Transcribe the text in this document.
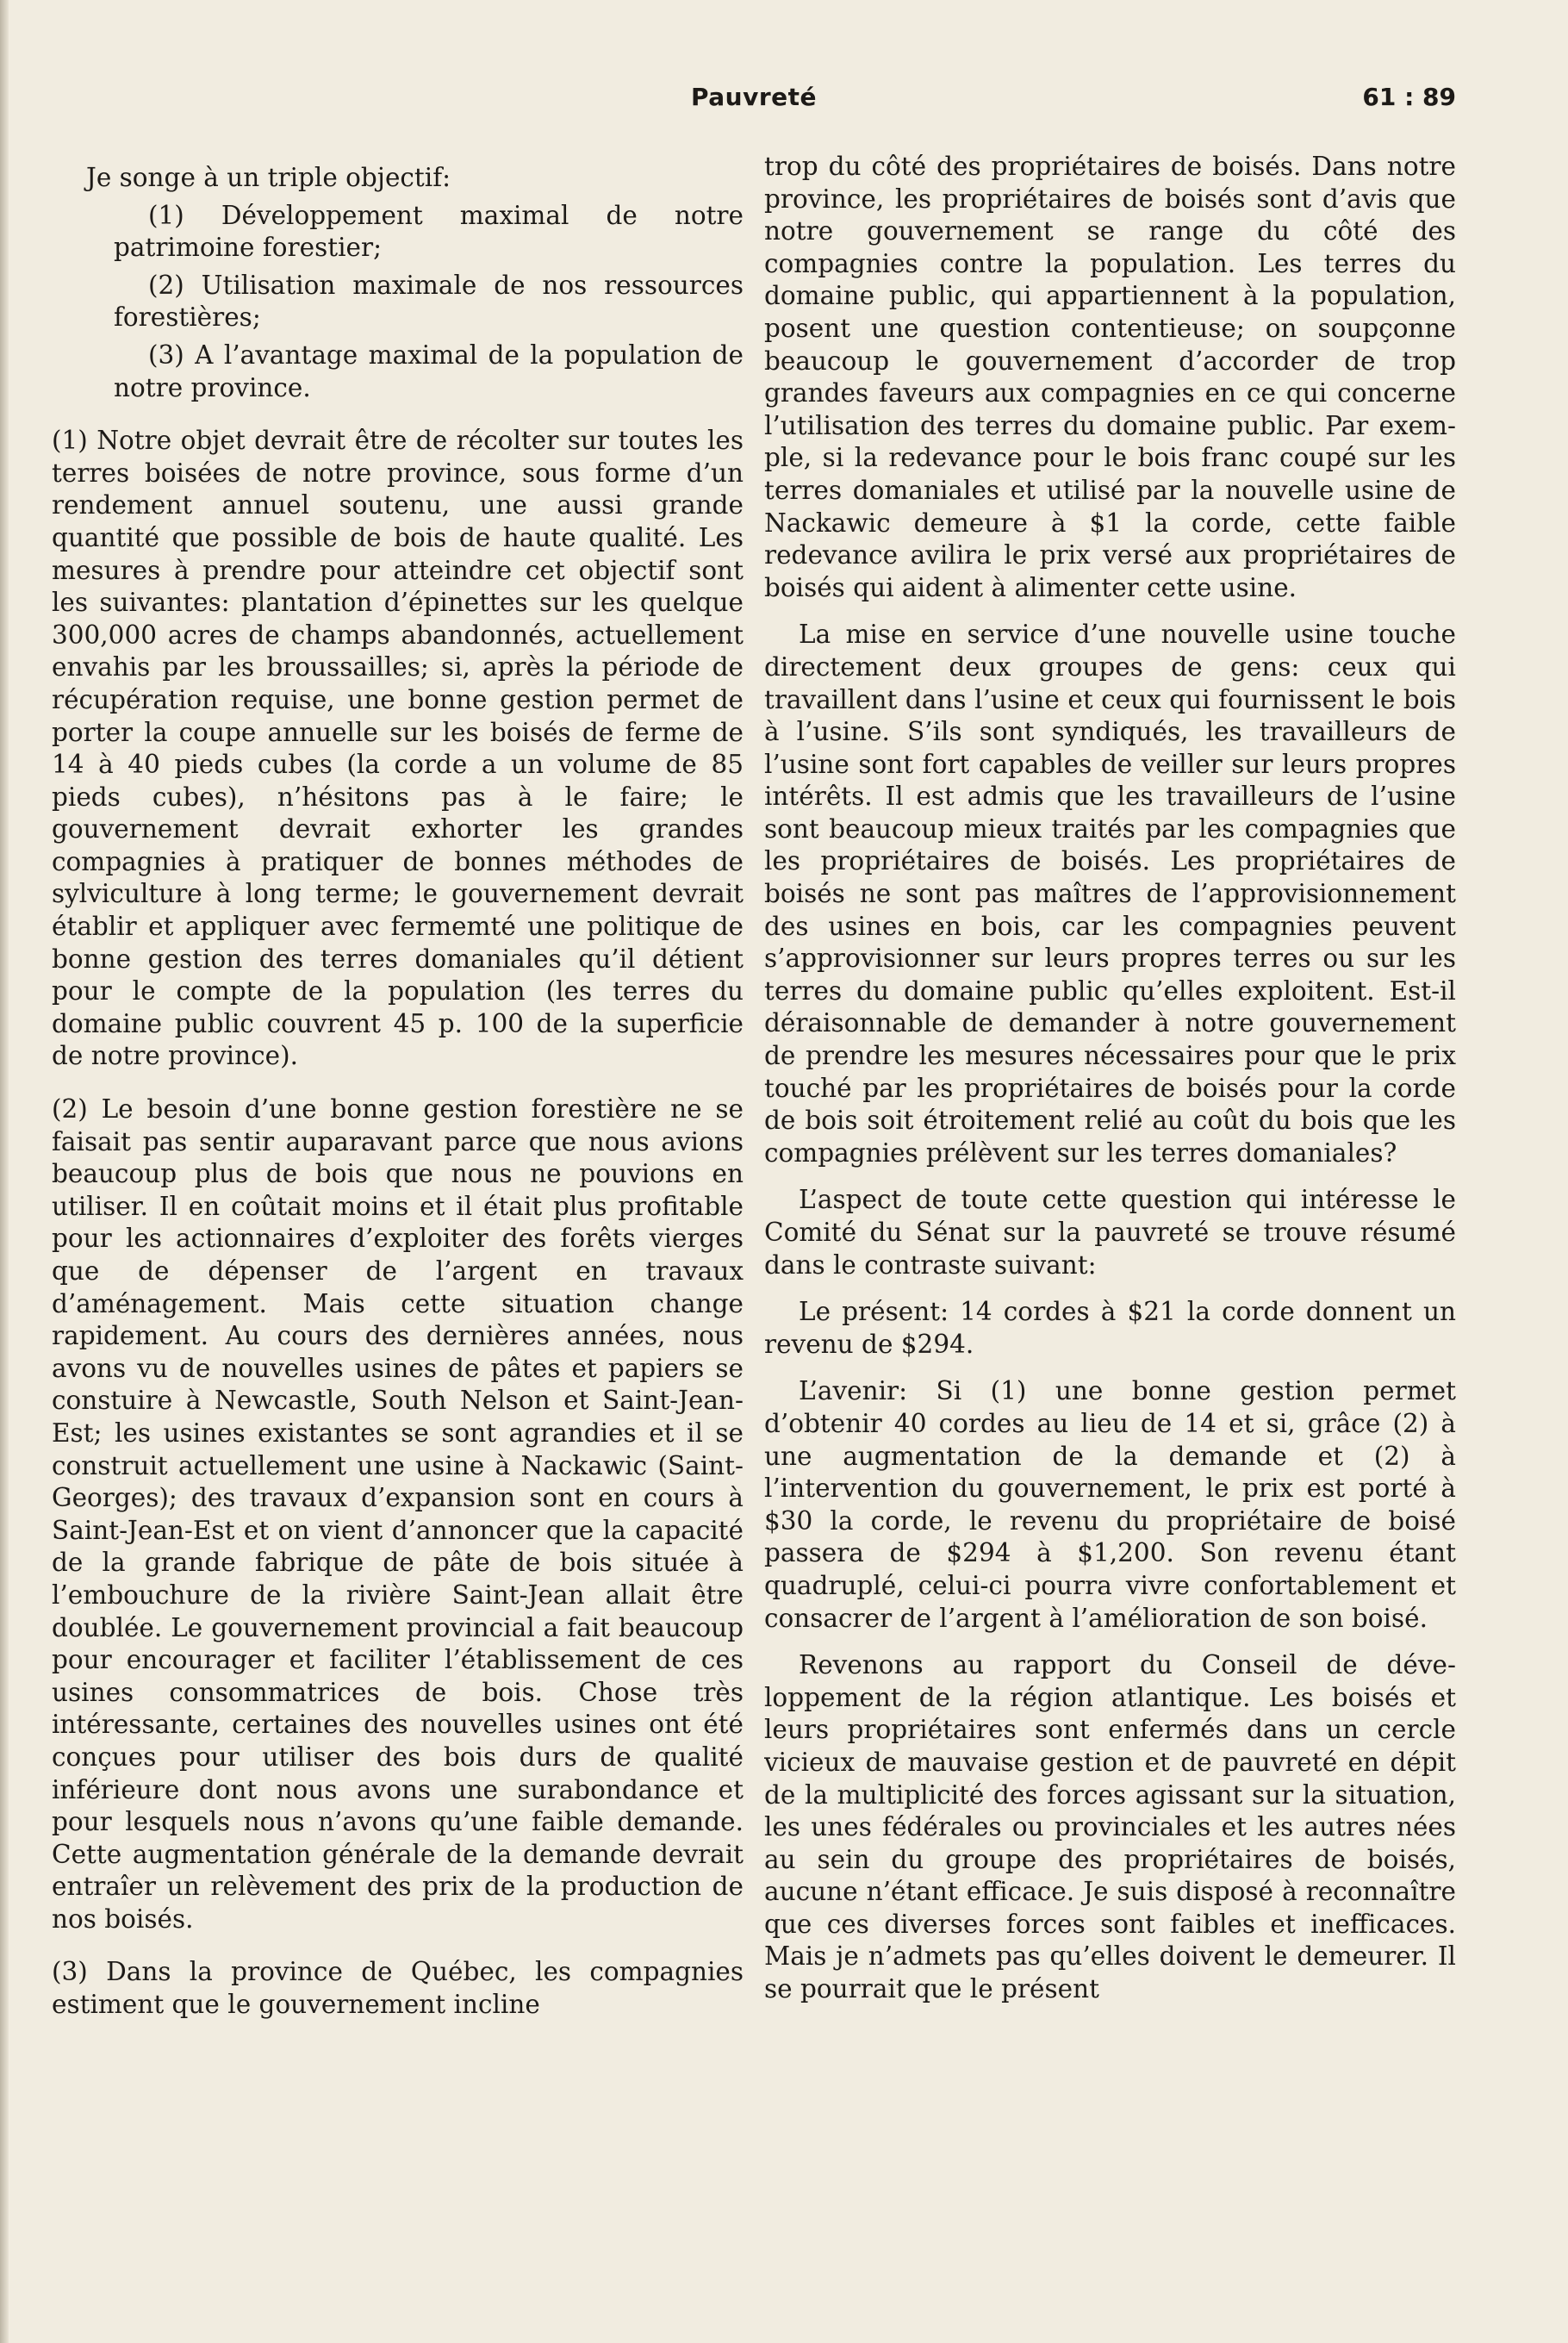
Pauvreté	61 : 89

Je songe à un triple objectif:

(1) Développement maximal de notre patrimoine forestier;

(2) Utilisation maximale de nos ressources forestières;

(3) A l’avantage maximal de la population de notre province.

(1) Notre objet devrait être de récolter sur toutes les terres boisées de notre province, sous forme d’un rendement annuel soutenu, une aussi grande quantité que possible de bois de haute qualité. Les mesures à prendre pour atteindre cet objectif sont les suivantes: plantation d’épinettes sur les quelque 300,000 acres de champs abandonnés, actuellement envahis par les broussailles; si, après la période de récupération requise, une bonne gestion permet de porter la coupe annuelle sur les boisés de ferme de 14 à 40 pieds cubes (la corde a un volume de 85 pieds cubes), n’hésitons pas à le faire; le gouvernement devrait exhorter les grandes compagnies à pratiquer de bonnes méthodes de sylviculture à long terme; le gouvernement devrait établir et appliquer avec fermemté une politique de bonne gestion des terres domaniales qu’il détient pour le compte de la population (les terres du domaine public couvrent 45 p. 100 de la superficie de notre province).

(2) Le besoin d’une bonne gestion forestière ne se faisait pas sentir auparavant parce que nous avions beaucoup plus de bois que nous ne pouvions en utiliser. Il en coûtait moins et il était plus profitable pour les actionnaires d’exploiter des forêts vierges que de dépenser de l’argent en travaux d’aménagement. Mais cette situation change rapidement. Au cours des dernières années, nous avons vu de nouvelles usines de pâtes et papiers se constuire à Newcastle, South Nelson et Saint-Jean-Est; les usines existantes se sont agrandies et il se construit actuellement une usine à Nackawic (Saint-Georges); des travaux d’expansion sont en cours à Saint-Jean-Est et on vient d’annoncer que la capacité de la grande fabrique de pâte de bois située à l’embouchure de la rivière Saint-Jean allait être doublée. Le gouvernement provincial a fait beaucoup pour encourager et faciliter l’établissement de ces usines consommatrices de bois. Chose très intéressante, certaines des nouvelles usines ont été conçues pour utiliser des bois durs de qualité inférieure dont nous avons une surabondance et pour lesquels nous n’avons qu’une faible demande. Cette augmentation générale de la demande devrait entraîer un relèvement des prix de la production de nos boisés.

(3) Dans la province de Québec, les compagnies estiment que le gouvernement incline

trop du côté des propriétaires de boisés. Dans notre province, les propriétaires de boisés sont d’avis que notre gouvernement se range du côté des compagnies contre la population. Les terres du domaine public, qui appartiennent à la population, posent une question contentieuse; on soupçonne beaucoup le gouvernement d’accorder de trop grandes faveurs aux compagnies en ce qui concerne l’utilisation des terres du domaine public. Par exemple, si la redevance pour le bois franc coupé sur les terres domaniales et utilisé par la nouvelle usine de Nackawic demeure à $1 la corde, cette faible redevance avilira le prix versé aux propriétaires de boisés qui aident à alimenter cette usine.

La mise en service d’une nouvelle usine touche directement deux groupes de gens: ceux qui travaillent dans l’usine et ceux qui fournissent le bois à l’usine. S’ils sont syndiqués, les travailleurs de l’usine sont fort capables de veiller sur leurs propres intérêts. Il est admis que les travailleurs de l’usine sont beaucoup mieux traités par les compagnies que les propriétaires de boisés. Les propriétaires de boisés ne sont pas maîtres de l’approvisionnement des usines en bois, car les compagnies peuvent s’approvisionner sur leurs propres terres ou sur les terres du domaine public qu’elles exploitent. Est-il déraisonnable de demander à notre gouvernement de prendre les mesures nécessaires pour que le prix touché par les propriétaires de boisés pour la corde de bois soit étroitement relié au coût du bois que les compagnies prélèvent sur les terres domaniales?

L’aspect de toute cette question qui intéresse le Comité du Sénat sur la pauvreté se trouve résumé dans le contraste suivant:

Le présent: 14 cordes à $21 la corde donnent un revenu de $294.

L’avenir: Si (1) une bonne gestion permet d’obtenir 40 cordes au lieu de 14 et si, grâce (2) à une augmentation de la demande et (2) à l’intervention du gouvernement, le prix est porté à $30 la corde, le revenu du propriétaire de boisé passera de $294 à $1,200. Son revenu étant quadruplé, celui-ci pourra vivre confortablement et consacrer de l’argent à l’amélioration de son boisé.

Revenons au rapport du Conseil de développement de la région atlantique. Les boisés et leurs propriétaires sont enfermés dans un cercle vicieux de mauvaise gestion et de pauvreté en dépit de la multiplicité des forces agissant sur la situation, les unes fédérales ou provinciales et les autres nées au sein du groupe des propriétaires de boisés, aucune n’étant efficace. Je suis disposé à reconnaître que ces diverses forces sont faibles et inefficaces. Mais je n’admets pas qu’elles doivent le demeurer. Il se pourrait que le présent
